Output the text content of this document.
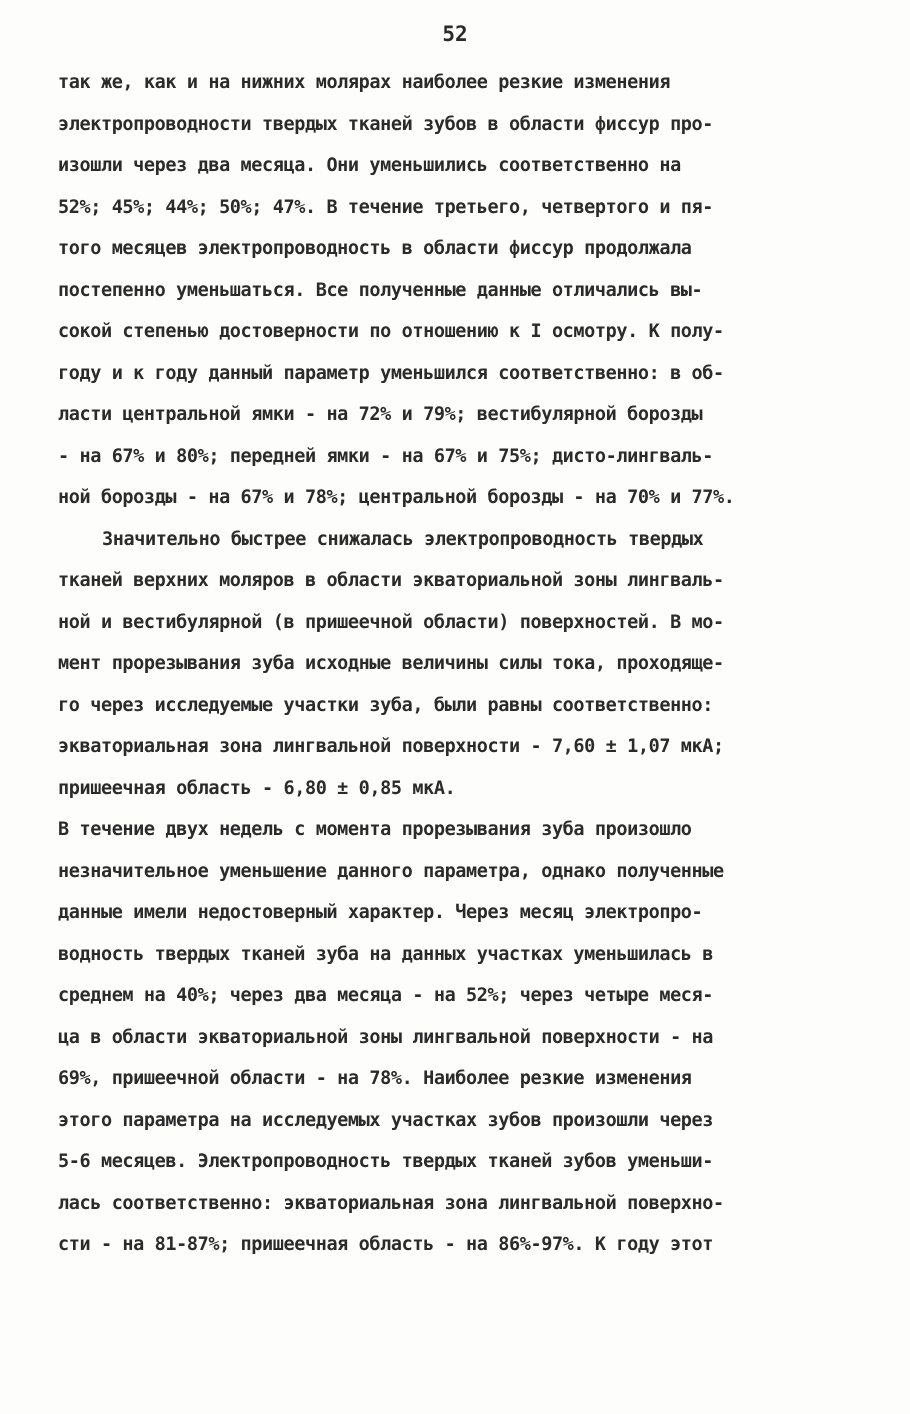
52
так же, как и на нижних молярах наиболее резкие изменения
электропроводности твердых тканей зубов в области фиссур про-
изошли через два месяца. Они уменьшились соответственно на
52%; 45%; 44%; 50%; 47%. В течение третьего, четвертого и пя-
того месяцев электропроводность в области фиссур продолжала
постепенно уменьшаться. Все полученные данные отличались вы-
сокой степенью достоверности по отношению к I осмотру. К полу-
году и к году данный параметр уменьшился соответственно: в об-
ласти центральной ямки - на 72% и 79%; вестибулярной борозды
- на 67% и 80%; передней ямки - на 67% и 75%; дисто-лингваль-
ной борозды - на 67% и 78%; центральной борозды - на 70% и 77%.
Значительно быстрее снижалась электропроводность твердых
тканей верхних моляров в области экваториальной зоны лингваль-
ной и вестибулярной (в пришеечной области) поверхностей. В мо-
мент прорезывания зуба исходные величины силы тока, проходяще-
го через исследуемые участки зуба, были равны соответственно:
экваториальная зона лингвальной поверхности - 7,60 ± 1,07 мкА;
пришеечная область - 6,80 ± 0,85 мкА.
В течение двух недель с момента прорезывания зуба произошло
незначительное уменьшение данного параметра, однако полученные
данные имели недостоверный характер. Через месяц электропро-
водность твердых тканей зуба на данных участках уменьшилась в
среднем на 40%; через два месяца - на 52%; через четыре меся-
ца в области экваториальной зоны лингвальной поверхности - на
69%, пришеечной области - на 78%. Наиболее резкие изменения
этого параметра на исследуемых участках зубов произошли через
5-6 месяцев. Электропроводность твердых тканей зубов уменьши-
лась соответственно: экваториальная зона лингвальной поверхно-
сти - на 81-87%; пришеечная область - на 86%-97%. К году этот
